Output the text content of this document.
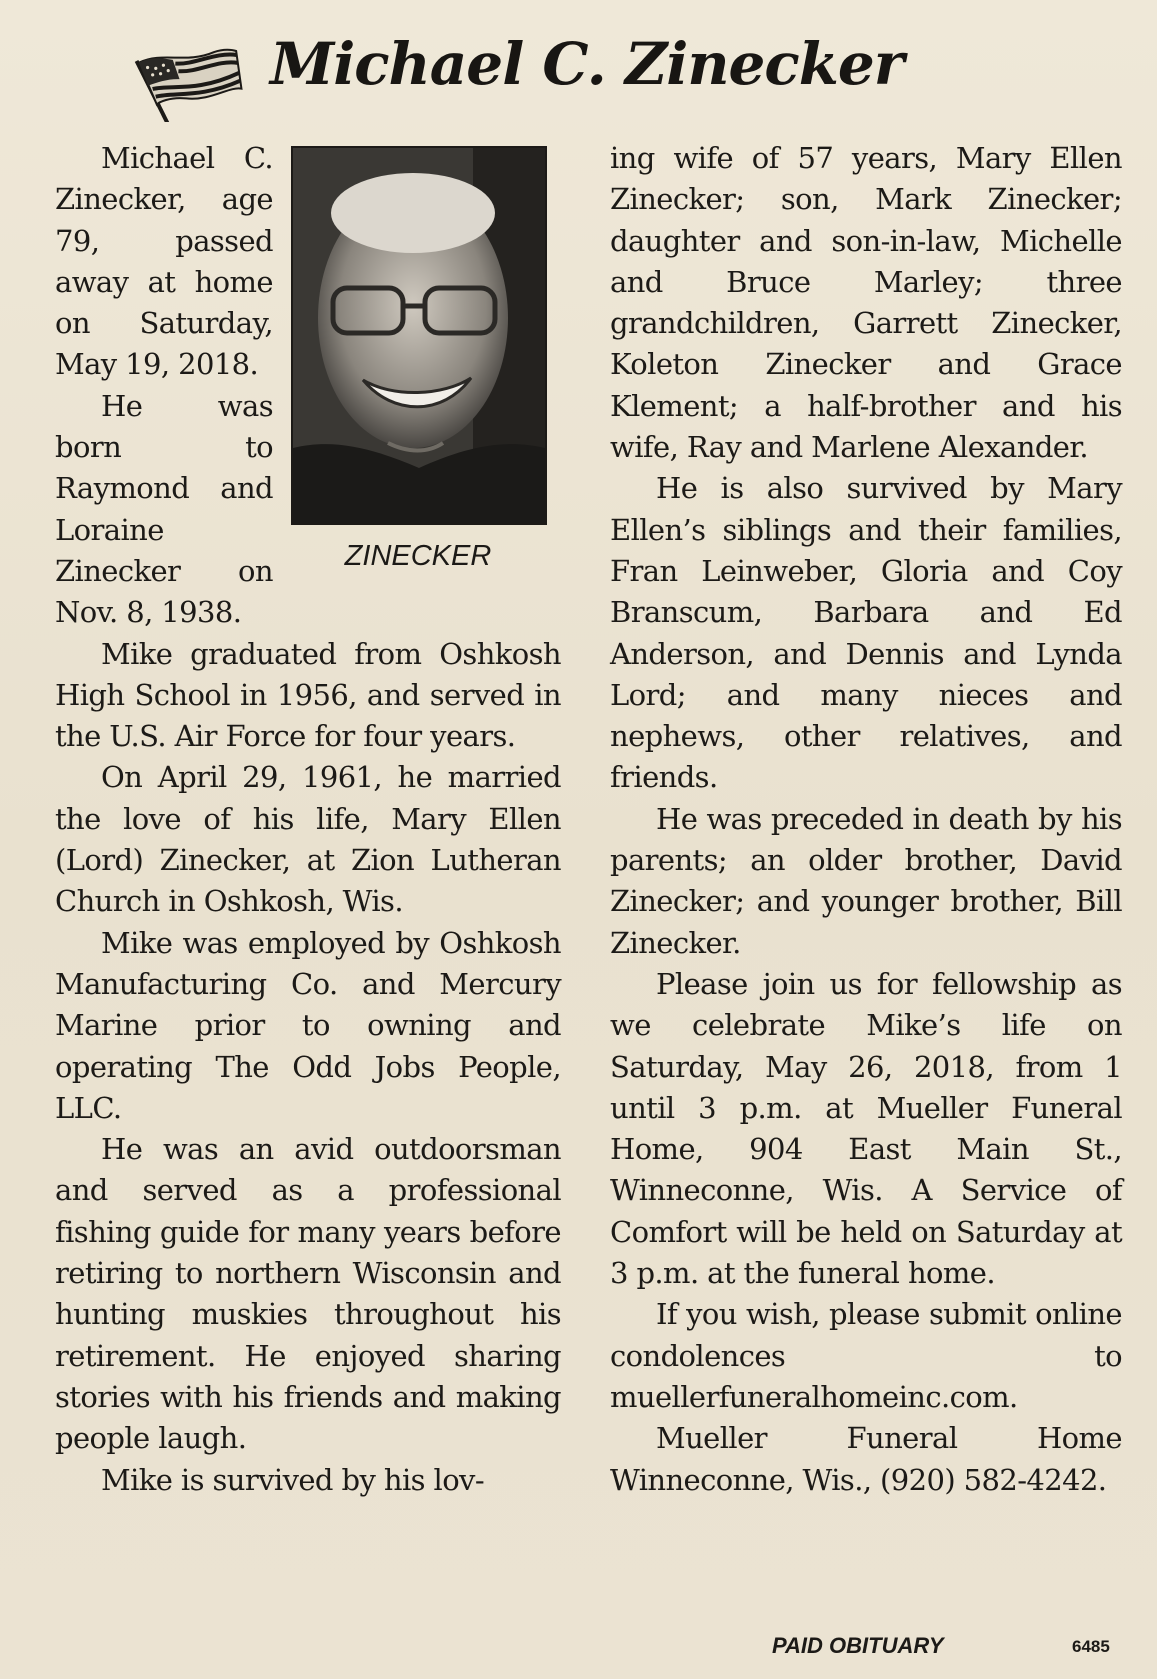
Michael C. Zinecker
ZINECKER

Michael C. Zinecker, age 79, passed away at home on Saturday, May 19, 2018.

He was born to Raymond and Loraine Zinecker on Nov. 8, 1938.

Mike graduated from Oshkosh High School in 1956, and served in the U.S. Air Force for four years.

On April 29, 1961, he married the love of his life, Mary Ellen (Lord) Zinecker, at Zion Lutheran Church in Oshkosh, Wis.

Mike was employed by Oshkosh Manufacturing Co. and Mercury Marine prior to owning and operating The Odd Jobs People, LLC.

He was an avid outdoorsman and served as a professional fishing guide for many years before retiring to northern Wisconsin and hunting muskies throughout his retirement. He enjoyed sharing stories with his friends and making people laugh.

Mike is survived by his lov-

ing wife of 57 years, Mary Ellen Zinecker; son, Mark Zinecker; daughter and son-in-law, Michelle and Bruce Marley; three grandchildren, Garrett Zinecker, Koleton Zinecker and Grace Klement; a half-brother and his wife, Ray and Marlene Alexander.

He is also survived by Mary Ellen’s siblings and their families, Fran Leinweber, Gloria and Coy Branscum, Barbara and Ed Anderson, and Dennis and Lynda Lord; and many nieces and nephews, other relatives, and friends.

He was preceded in death by his parents; an older brother, David Zinecker; and younger brother, Bill Zinecker.

Please join us for fellowship as we celebrate Mike’s life on Saturday, May 26, 2018, from 1 until 3 p.m. at Mueller Funeral Home, 904 East Main St., Winneconne, Wis. A Service of Comfort will be held on Saturday at 3 p.m. at the funeral home.

If you wish, please submit online condolences to muellerfuneralhomeinc.com.

Mueller Funeral Home Winneconne, Wis., (920) 582-4242.

PAID OBITUARY	6485
